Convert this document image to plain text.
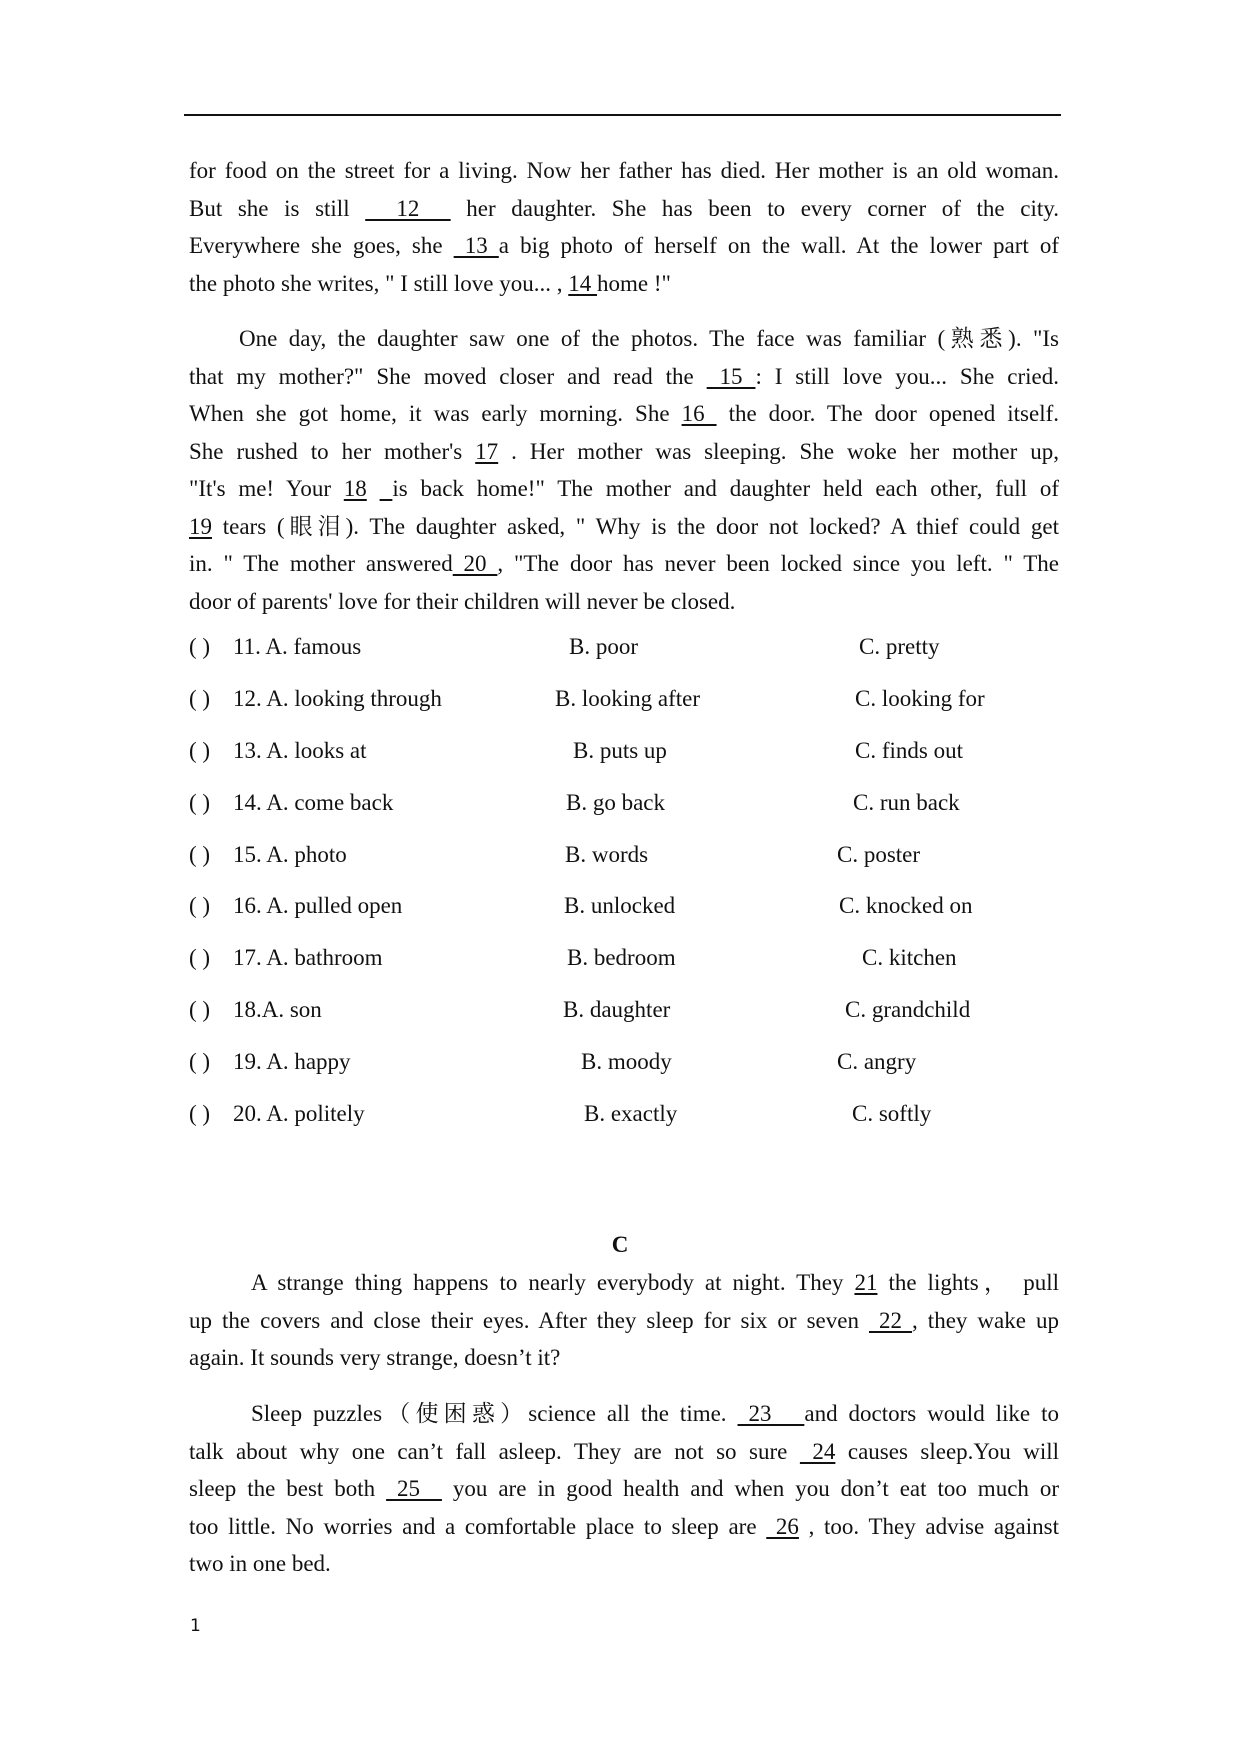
for food on the street for a living. Now her father has died. Her mother is an old woman.
But she is still   12   her daughter. She has been to every corner of the city.
Everywhere she goes, she  13 a big photo of herself on the wall. At the lower part of
the photo she writes, " I still love you... , 14 home !"
One day, the daughter saw one of the photos. The face was familiar (熟悉). "Is
that my mother?" She moved closer and read the  15 : I still love you... She cried.
When she got home, it was early morning. She 16  the door. The door opened itself.
She rushed to her mother's 17 . Her mother was sleeping. She woke her mother up,
"It's me! Your 18 is back home!" The mother and daughter held each other, full of
19 tears (眼泪). The daughter asked, " Why is the door not locked? A thief could get
in. " The mother answered 20 , "The door has never been locked since you left. " The
door of parents' love for their children will never be closed.
( ) 11. A. famous	B. poor	C. pretty
( ) 12. A. looking through	B. looking after	C. looking for
( ) 13. A. looks at	B. puts up	C. finds out
( ) 14. A. come back	B. go back	C. run back
( ) 15. A. photo	B. words	C. poster
( ) 16. A. pulled open	B. unlocked	C. knocked on
( ) 17. A. bathroom	B. bedroom	C. kitchen
( ) 18.A. son	B. daughter	C. grandchild
( ) 19. A. happy	B. moody	C. angry
( ) 20. A. politely	B. exactly	C. softly
C
A strange thing happens to nearly everybody at night. They 21 the lights， pull
up the covers and close their eyes. After they sleep for six or seven  22 , they wake up
again. It sounds very strange, doesn’t it?
Sleep puzzles（使困惑）science all the time.  23   and doctors would like to
talk about why one can’t fall asleep. They are not so sure  24 causes sleep.You will
sleep the best both  25   you are in good health and when you don’t eat too much or
too little. No worries and a comfortable place to sleep are  26 , too. They advise against
two in one bed.
1
